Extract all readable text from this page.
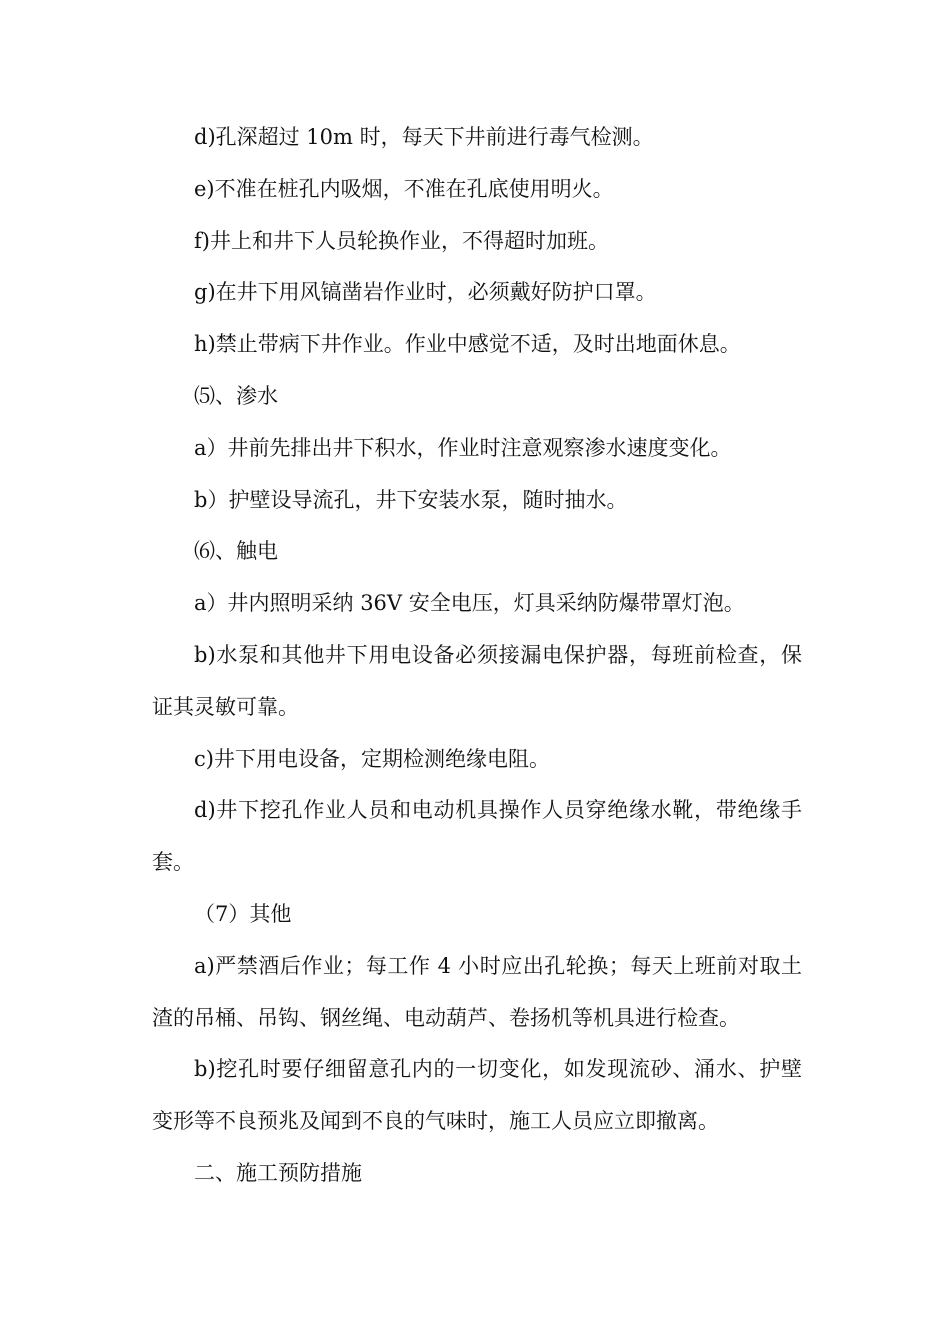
d)孔深超过 10m 时，每天下井前进行毒气检测。

e)不准在桩孔内吸烟，不准在孔底使用明火。

f)井上和井下人员轮换作业，不得超时加班。

g)在井下用风镐凿岩作业时，必须戴好防护口罩。

h)禁止带病下井作业。作业中感觉不适，及时出地面休息。

⑸、渗水

a）井前先排出井下积水，作业时注意观察渗水速度变化。

b）护壁设导流孔，井下安装水泵，随时抽水。

⑹、触电

a）井内照明采纳 36V 安全电压，灯具采纳防爆带罩灯泡。

b)水泵和其他井下用电设备必须接漏电保护器，每班前检查，保证其灵敏可靠。

c)井下用电设备，定期检测绝缘电阻。

d)井下挖孔作业人员和电动机具操作人员穿绝缘水靴，带绝缘手套。

（7）其他

a)严禁酒后作业；每工作 4 小时应出孔轮换；每天上班前对取土渣的吊桶、吊钩、钢丝绳、电动葫芦、卷扬机等机具进行检查。

b)挖孔时要仔细留意孔内的一切变化，如发现流砂、涌水、护壁变形等不良预兆及闻到不良的气味时，施工人员应立即撤离。

二、施工预防措施
